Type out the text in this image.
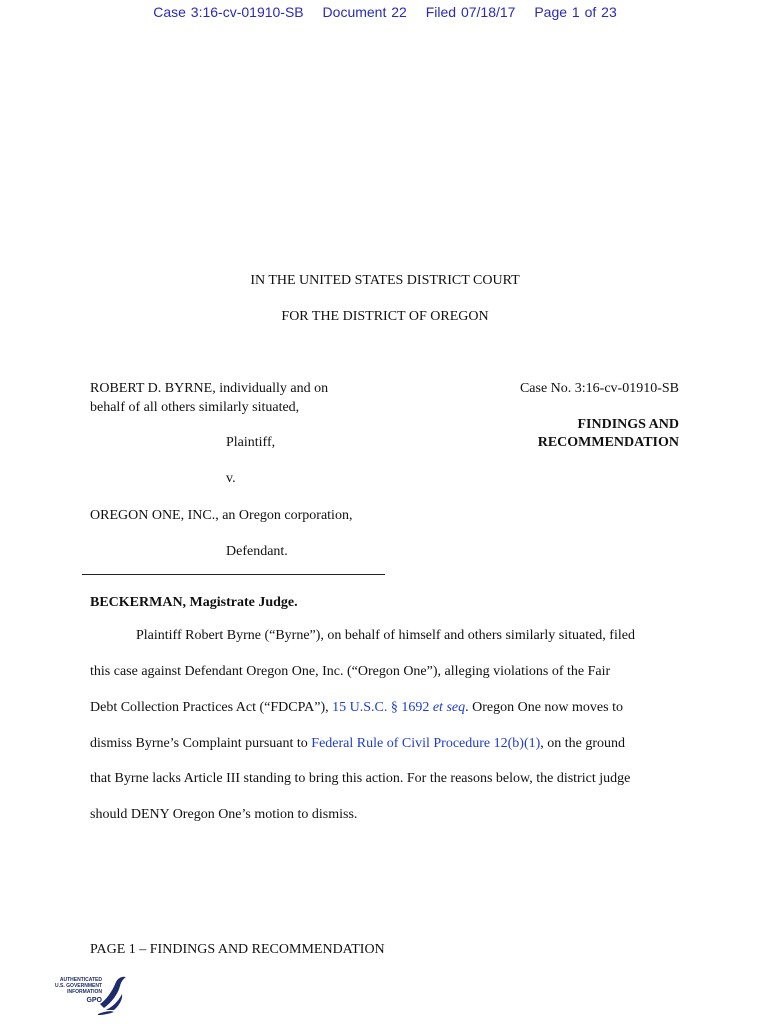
Case 3:16-cv-01910-SB Document 22 Filed 07/18/17 Page 1 of 23
IN THE UNITED STATES DISTRICT COURT
FOR THE DISTRICT OF OREGON
ROBERT D. BYRNE, individually and on
behalf of all others similarly situated,
Plaintiff,
v.
OREGON ONE, INC., an Oregon corporation,
Defendant.
Case No. 3:16-cv-01910-SB
FINDINGS AND
RECOMMENDATION
BECKERMAN, Magistrate Judge.
Plaintiff Robert Byrne (“Byrne”), on behalf of himself and others similarly situated, filed
this case against Defendant Oregon One, Inc. (“Oregon One”), alleging violations of the Fair
Debt Collection Practices Act (“FDCPA”), 15 U.S.C. § 1692 et seq. Oregon One now moves to
dismiss Byrne’s Complaint pursuant to Federal Rule of Civil Procedure 12(b)(1), on the ground
that Byrne lacks Article III standing to bring this action. For the reasons below, the district judge
should DENY Oregon One’s motion to dismiss.
PAGE 1 – FINDINGS AND RECOMMENDATION
AUTHENTICATED
U.S. GOVERNMENT
INFORMATION
GPO
